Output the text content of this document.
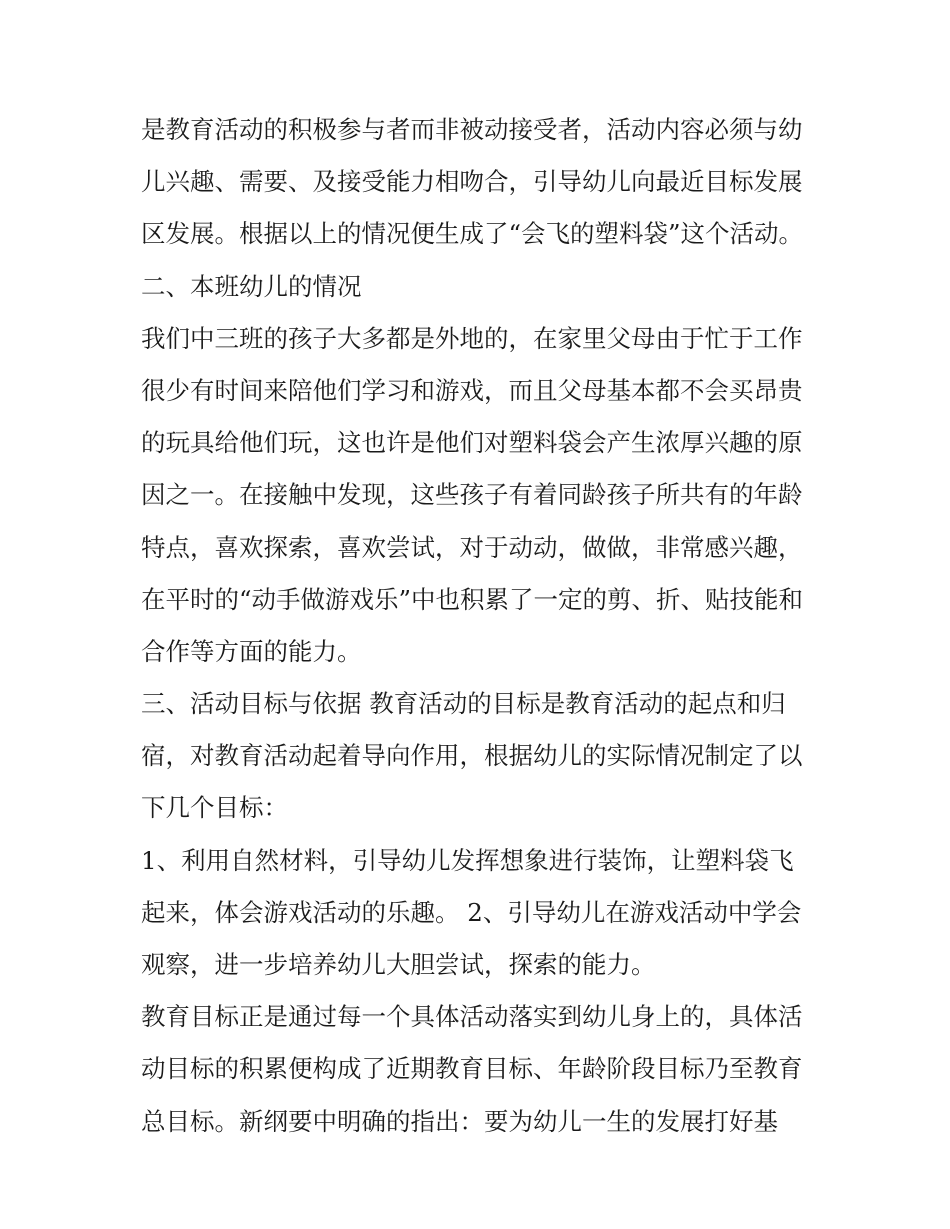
是教育活动的积极参与者而非被动接受者，活动内容必须与幼
儿兴趣、需要、及接受能力相吻合，引导幼儿向最近目标发展
区发展。根据以上的情况便生成了“会飞的塑料袋”这个活动。
二、本班幼儿的情况
我们中三班的孩子大多都是外地的，在家里父母由于忙于工作
很少有时间来陪他们学习和游戏，而且父母基本都不会买昂贵
的玩具给他们玩，这也许是他们对塑料袋会产生浓厚兴趣的原
因之一。在接触中发现，这些孩子有着同龄孩子所共有的年龄
特点，喜欢探索，喜欢尝试，对于动动，做做，非常感兴趣，
在平时的“动手做游戏乐”中也积累了一定的剪、折、贴技能和
合作等方面的能力。
三、活动目标与依据 教育活动的目标是教育活动的起点和归
宿，对教育活动起着导向作用，根据幼儿的实际情况制定了以
下几个目标：
1、利用自然材料，引导幼儿发挥想象进行装饰，让塑料袋飞
起来，体会游戏活动的乐趣。 2、引导幼儿在游戏活动中学会
观察，进一步培养幼儿大胆尝试，探索的能力。
教育目标正是通过每一个具体活动落实到幼儿身上的，具体活
动目标的积累便构成了近期教育目标、年龄阶段目标乃至教育
总目标。新纲要中明确的指出：要为幼儿一生的发展打好基
